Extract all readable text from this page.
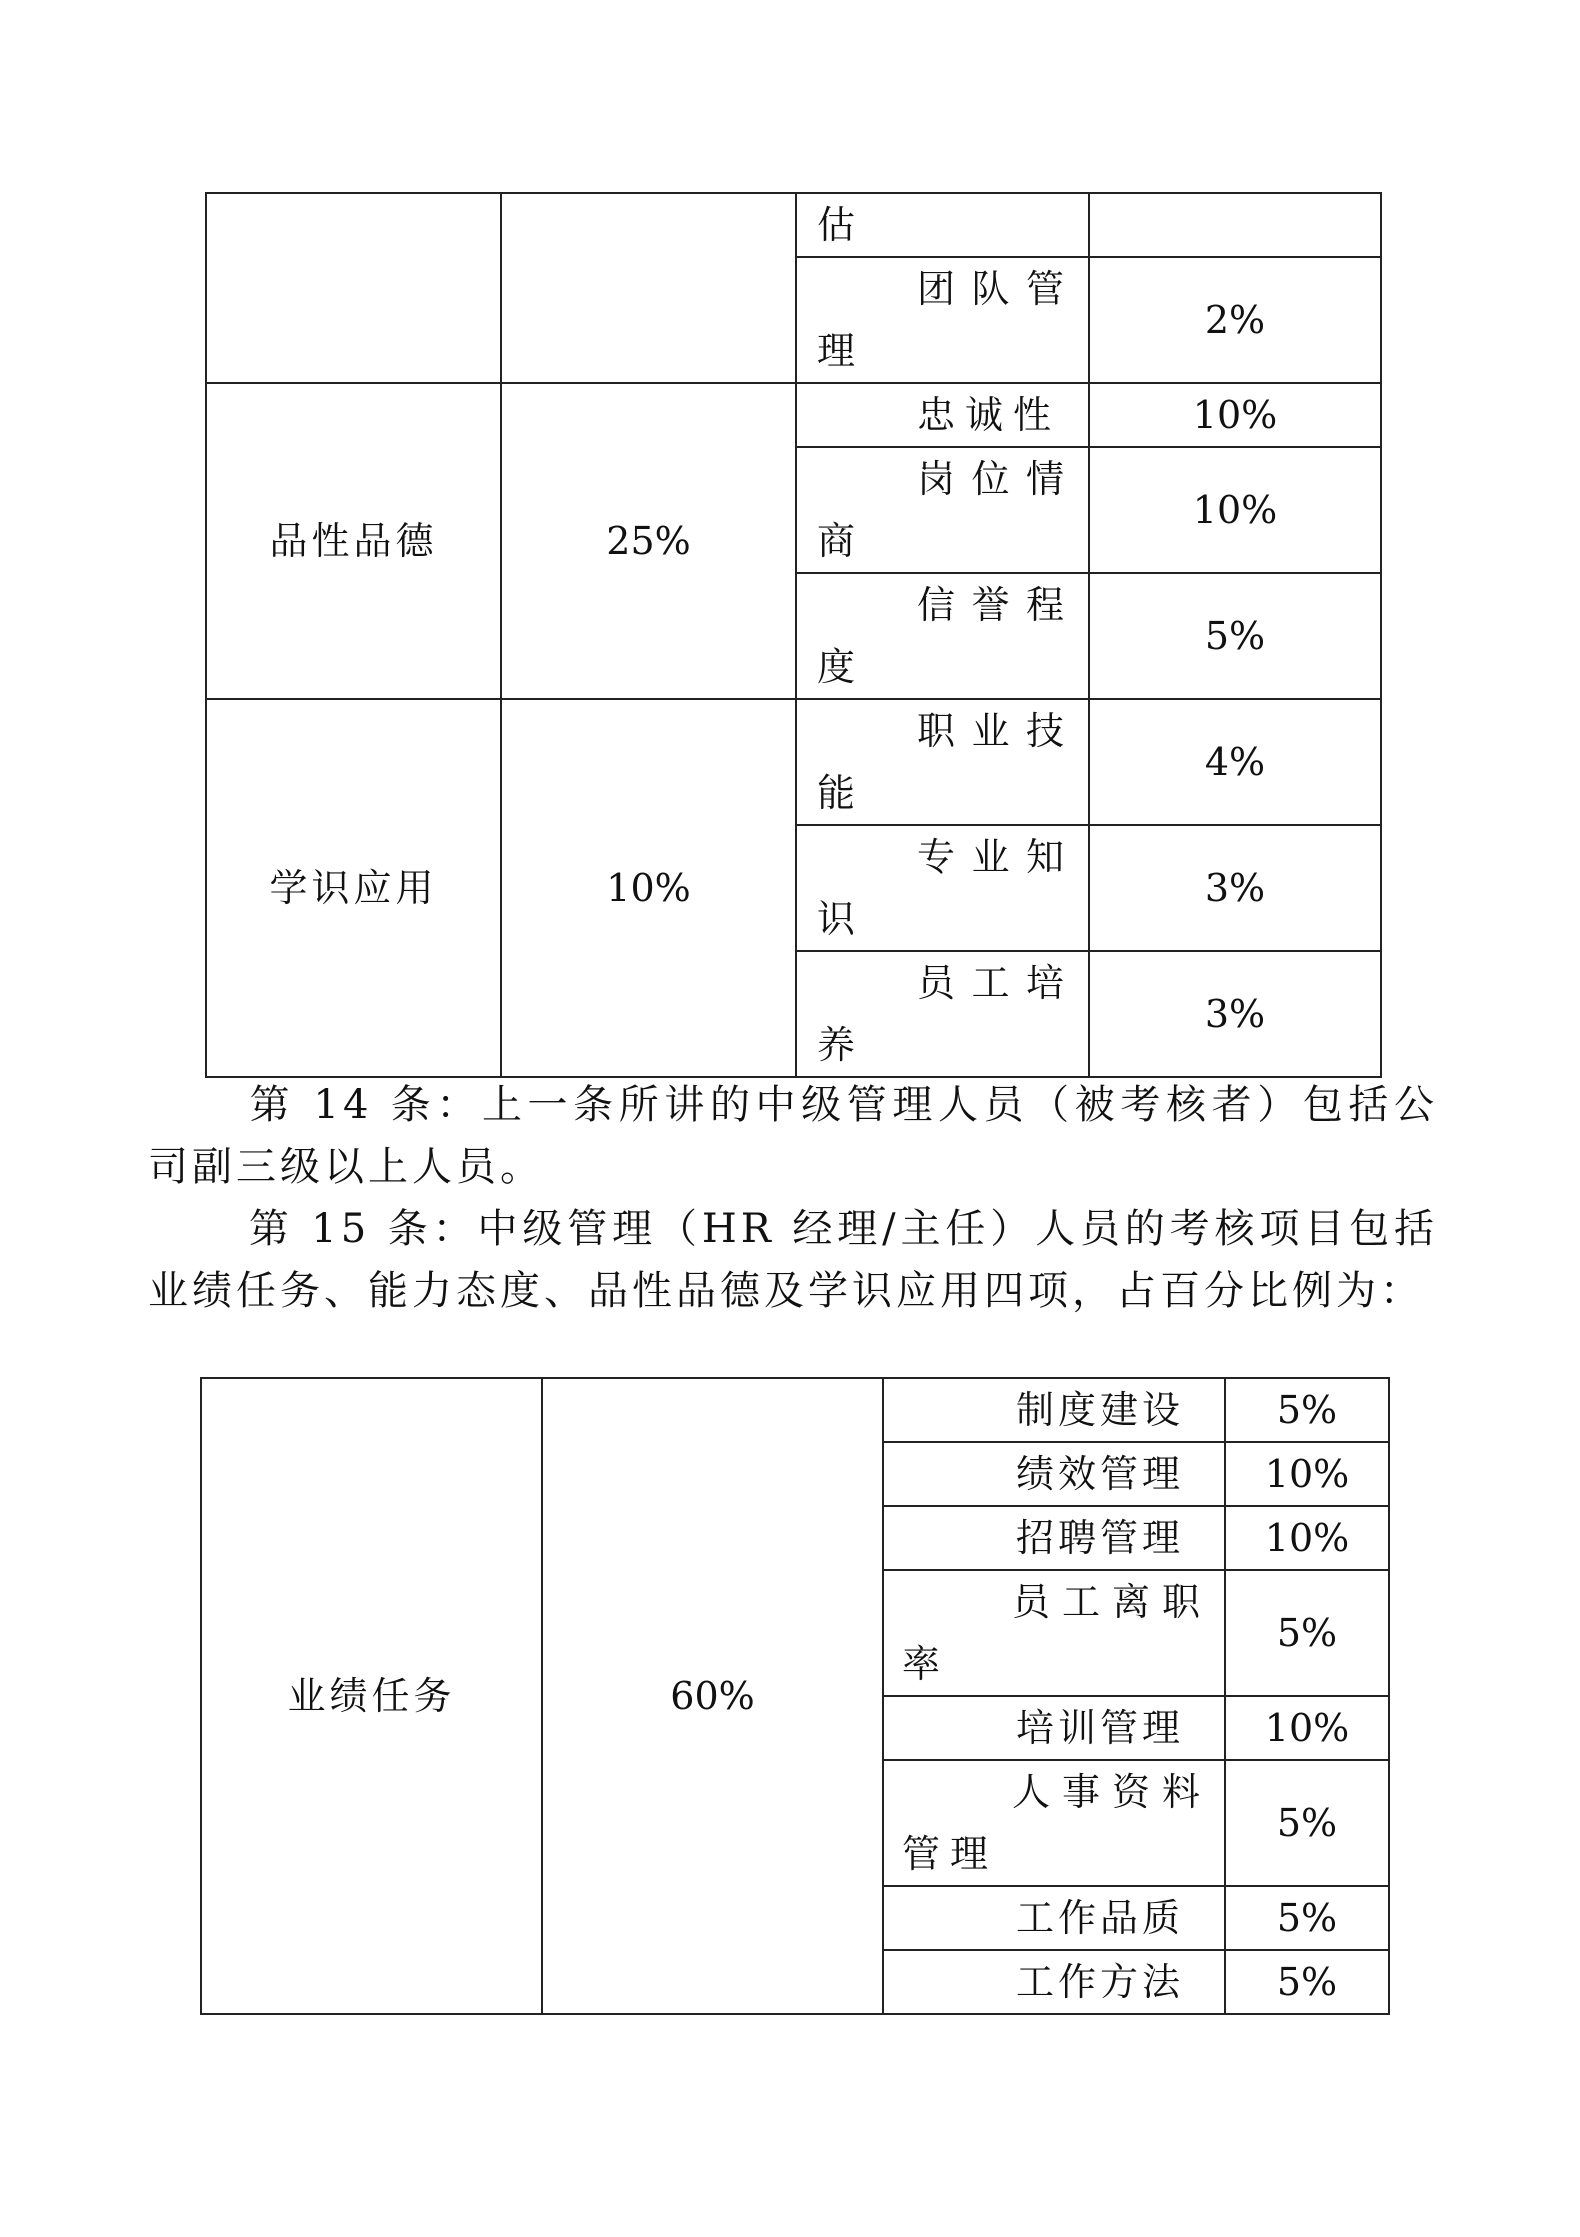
		估	
		团队管理	2%
品性品德	25%	忠诚性	10%
		岗位情商	10%
		信誉程度	5%
学识应用	10%	职业技能	4%
		专业知识	3%
		员工培养	3%
第 14 条：上一条所讲的中级管理人员（被考核者）包括公司副三级以上人员。
第 15 条：中级管理（HR 经理/主任）人员的考核项目包括业绩任务、能力态度、品性品德及学识应用四项，占百分比例为：
业绩任务	60%	制度建设	5%
		绩效管理	10%
		招聘管理	10%
		员工离职率	5%
		培训管理	10%
		人事资料管理	5%
		工作品质	5%
		工作方法	5%
